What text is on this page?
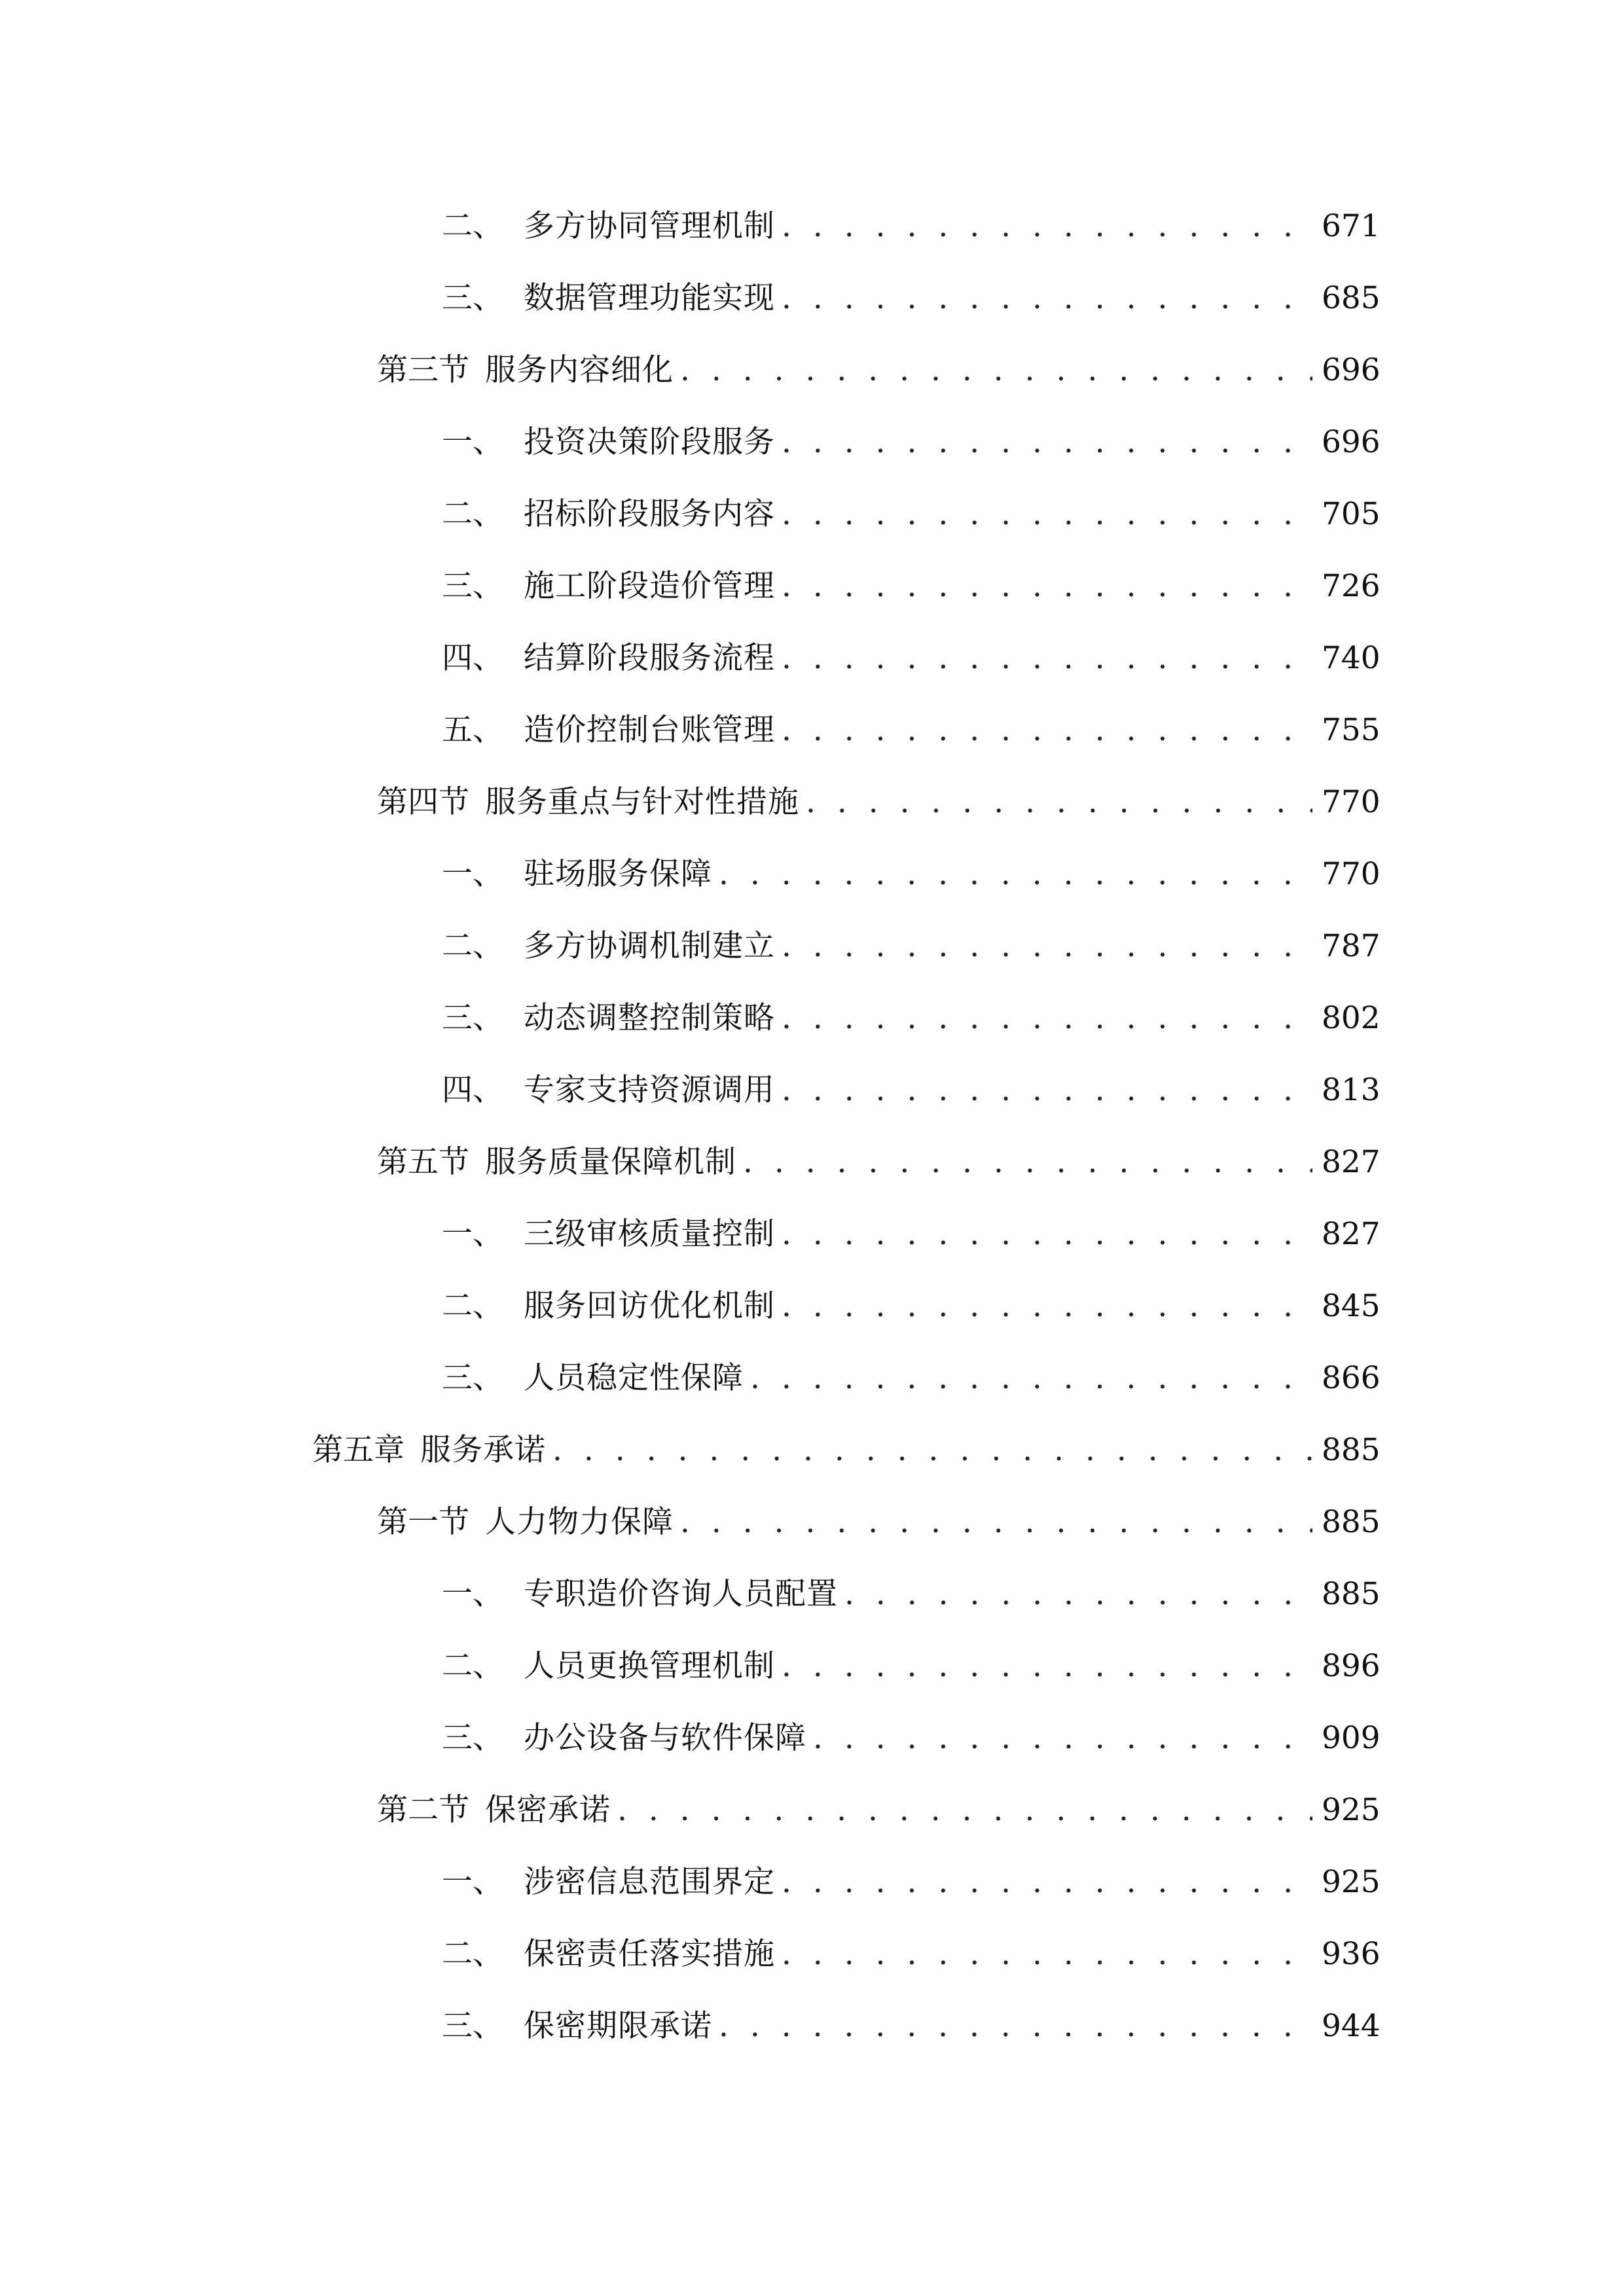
二、 多方协同管理机制 . . .	671
三、 数据管理功能实现 . . .	685
第三节 服务内容细化 . . .	696
一、 投资决策阶段服务 . . .	696
二、 招标阶段服务内容 . . .	705
三、 施工阶段造价管理 . . .	726
四、 结算阶段服务流程 . . .	740
五、 造价控制台账管理 . . .	755
第四节 服务重点与针对性措施 . . .	770
一、 驻场服务保障 . . .	770
二、 多方协调机制建立 . . .	787
三、 动态调整控制策略 . . .	802
四、 专家支持资源调用 . . .	813
第五节 服务质量保障机制 . . .	827
一、 三级审核质量控制 . . .	827
二、 服务回访优化机制 . . .	845
三、 人员稳定性保障 . . .	866
第五章 服务承诺 . . .	885
第一节 人力物力保障 . . .	885
一、 专职造价咨询人员配置 . . .	885
二、 人员更换管理机制 . . .	896
三、 办公设备与软件保障 . . .	909
第二节 保密承诺 . . .	925
一、 涉密信息范围界定 . . .	925
二、 保密责任落实措施 . . .	936
三、 保密期限承诺 . . .	944
